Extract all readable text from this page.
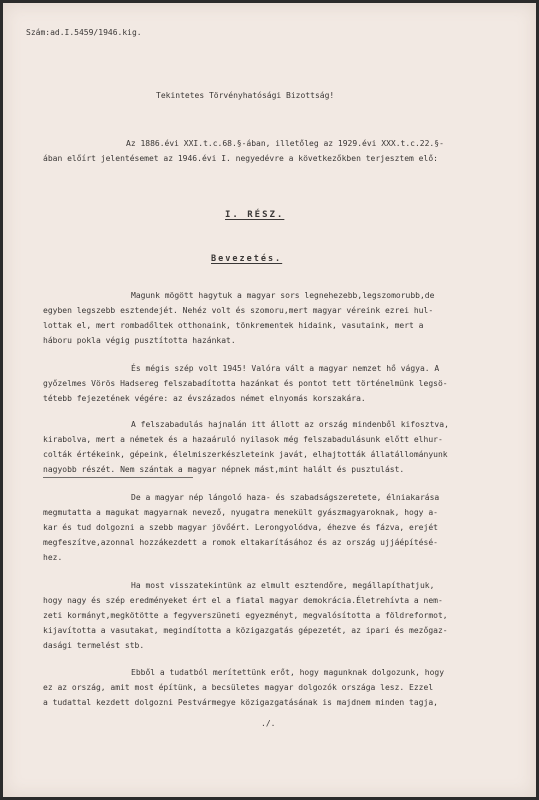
Szám:ad.I.5459/1946.kig.
Tekintetes Törvényhatósági Bizottság!
Az 1886.évi XXI.t.c.68.§-ában, illetőleg az 1929.évi XXX.t.c.22.§-
ában előírt jelentésemet az 1946.évi I. negyedévre a következőkben terjesztem elő:
I. RÉSZ.
Bevezetés.
Magunk mögött hagytuk a magyar sors legnehezebb,legszomorubb,de
egyben legszebb esztendejét. Nehéz volt és szomoru,mert magyar véreink ezrei hul-
lottak el, mert rombadőltek otthonaink, tönkrementek hidaink, vasutaink, mert a
háboru pokla végig pusztította hazánkat.
És mégis szép volt 1945! Valóra vált a magyar nemzet hő vágya. A
győzelmes Vörös Hadsereg felszabadította hazánkat és pontot tett történelmünk legsö-
tétebb fejezetének végére: az évszázados német elnyomás korszakára.
A felszabadulás hajnalán itt állott az ország mindenből kifosztva,
kirabolva, mert a németek és a hazaáruló nyilasok még felszabadulásunk előtt elhur-
colták értékeink, gépeink, élelmiszerkészleteink javát, elhajtották állatállományunk
nagyobb részét. Nem szántak a magyar népnek mást,mint halált és pusztulást.
De a magyar nép lángoló haza- és szabadságszeretete, élniakarása
megmutatta a magukat magyarnak nevező, nyugatra menekült gyászmagyaroknak, hogy a-
kar és tud dolgozni a szebb magyar jövőért. Lerongyolódva, éhezve és fázva, erejét
megfeszítve,azonnal hozzákezdett a romok eltakarításához és az ország ujjáépítésé-
hez.
Ha most visszatekintünk az elmult esztendőre, megállapíthatjuk,
hogy nagy és szép eredményeket ért el a fiatal magyar demokrácia.Életrehívta a nem-
zeti kormányt,megkötötte a fegyverszüneti egyezményt, megvalósította a földreformot,
kijavította a vasutakat, megindította a közigazgatás gépezetét, az ipari és mezőgaz-
dasági termelést stb.
Ebből a tudatból merítettünk erőt, hogy magunknak dolgozunk, hogy
ez az ország, amit most építünk, a becsületes magyar dolgozók országa lesz. Ezzel
a tudattal kezdett dolgozni Pestvármegye közigazgatásának is majdnem minden tagja,
./.
